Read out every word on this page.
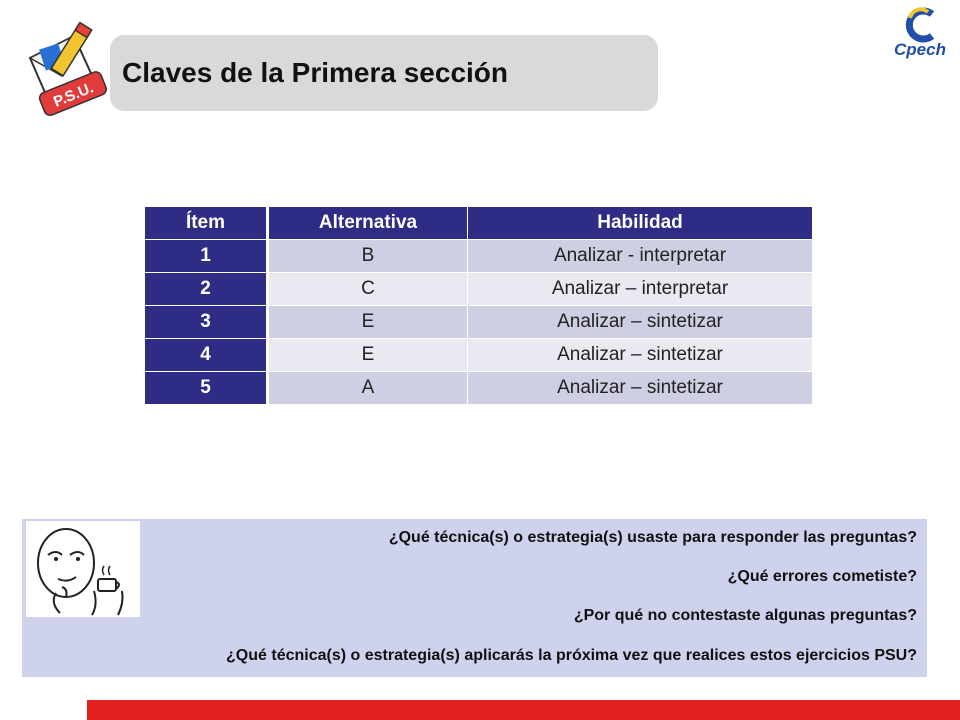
P.S.U.
Claves de la Primera sección
Cpech
Ítem	Alternativa	Habilidad
1	B	Analizar - interpretar
2	C	Analizar – interpretar
3	E	Analizar – sintetizar
4	E	Analizar – sintetizar
5	A	Analizar – sintetizar
¿Qué técnica(s) o estrategia(s) usaste para responder las preguntas?
¿Qué errores cometiste?
¿Por qué no contestaste algunas preguntas?
¿Qué técnica(s) o estrategia(s) aplicarás la próxima vez que realices estos ejercicios PSU?
